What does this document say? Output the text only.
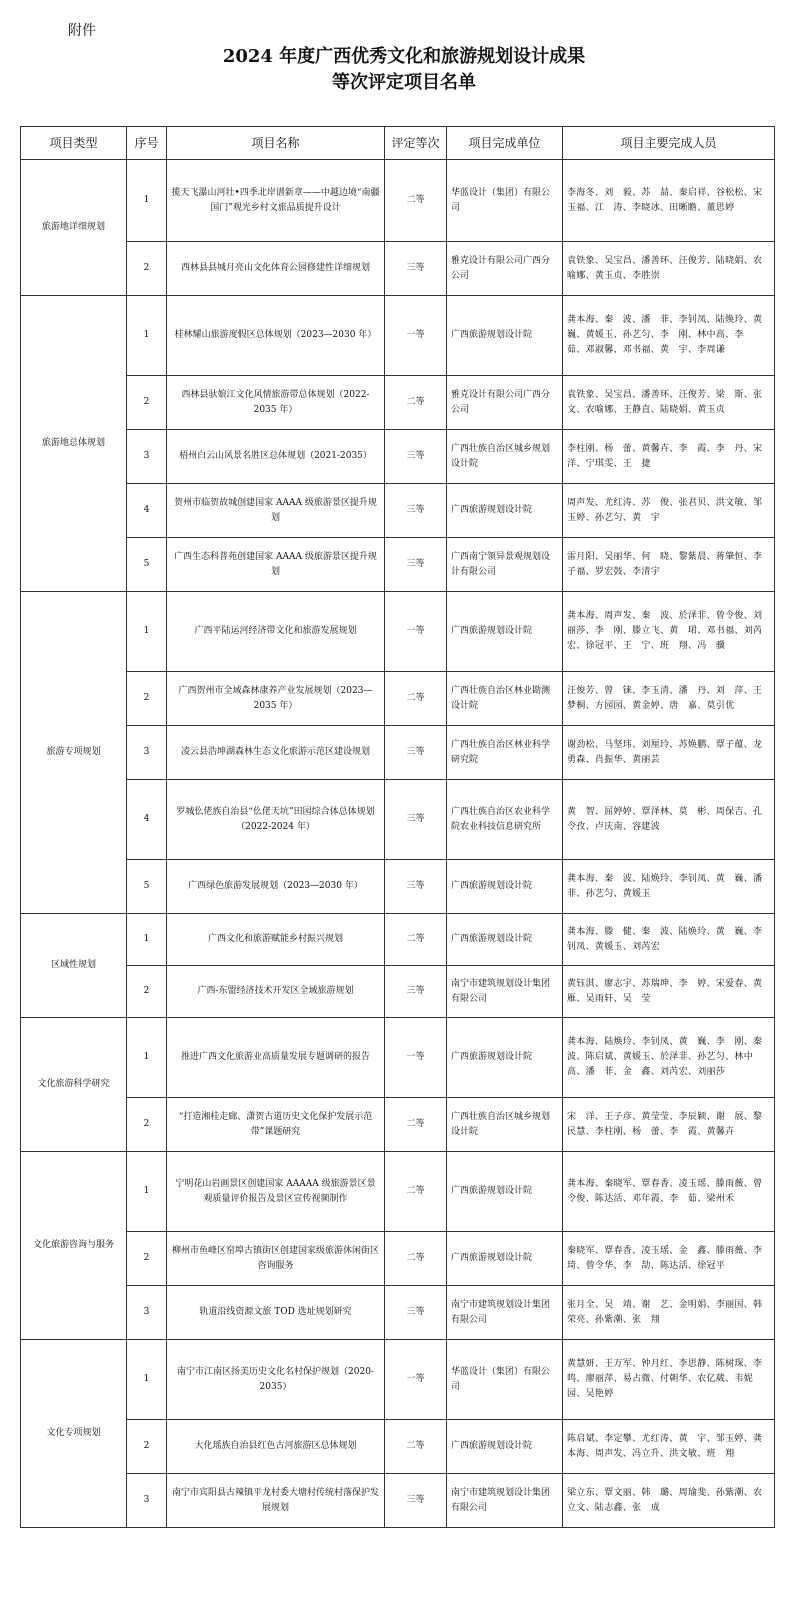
附件
2024 年度广西优秀文化和旅游规划设计成果
等次评定项目名单
项目类型	序号	项目名称	评定等次	项目完成单位	项目主要完成人员
旅游地详细规划	1	揽天飞瀑山河壮•四季北岸谱新章——中越边境“南疆国门”观光乡村文旅品质提升设计	二等	华蓝设计（集团）有限公司	李海冬、刘　毅、苏　喆、秦启祥、谷松松、宋玉福、江　涛、李晓冰、田晰瞻、董思婷
	2	西林县县城月亮山文化体育公园修建性详细规划	三等	雅克设计有限公司广西分公司	袁铁象、吴宝昌、潘善环、汪俊芳、陆晓娟、农喻娜、黄玉贞、李胜崇
旅游地总体规划	1	桂林耀山旅游度假区总体规划（2023—2030 年）	一等	广西旅游规划设计院	龚本海、秦　波、潘　菲、李钊凤、陆焕玲、黄　巍、黄媛玉、孙艺匀、李　刚、林中高、李　茹、邓淑馨、邓书福、黄　宇、李周谦
	2	西林县驮娘江文化风情旅游带总体规划（2022-2035 年）	二等	雅克设计有限公司广西分公司	袁铁象、吴宝昌、潘善环、汪俊芳、梁　斯、张　文、农喻娜、王静直、陆晓娟、黄玉贞
	3	梧州白云山风景名胜区总体规划（2021-2035）	三等	广西壮族自治区城乡规划设计院	李柱刚、杨　蕾、黄馨卉、李　霞、李　丹、宋　洋、宁琪雯、王　捷
	4	贺州市临贺故城创建国家 AAAA 级旅游景区提升规划	三等	广西旅游规划设计院	周声发、尤红涛、苏　俊、张君贝、洪文敏、邹玉婷、孙艺匀、黄　宇
	5	广西生态科普苑创建国家 AAAA 级旅游景区提升规划	三等	广西南宁领异景观规划设计有限公司	雷月阳、吴丽华、何　晓、黎紫晨、蒋肇恒、李子福、罗宏鼓、李清宇
旅游专项规划	1	广西平陆运河经济带文化和旅游发展规划	一等	广西旅游规划设计院	龚本海、周声发、秦　波、於泽非、曾令俊、刘丽莎、李　刚、滕立飞、黄　珺、邓书福、刘芮宏、徐冠平、王　宁、班　翔、冯　骥
	2	广西贺州市全域森林康养产业发展规划（2023—2035 年）	二等	广西壮族自治区林业勘测设计院	汪俊芳、曾　铼、李玉清、潘　丹、刘　萍、王梦桐、方园园、黄金婷、唐　嘉、莫引优
	3	凌云县浩坤湖森林生态文化旅游示范区建设规划	三等	广西壮族自治区林业科学研究院	谢劲松、马坚玮、刘厘玲、苏焕鹏、覃子蕴、龙勇森、肖振华、黄丽芸
	4	罗城仫佬族自治县“仫佬天坑”田园综合体总体规划（2022-2024 年）	三等	广西壮族自治区农业科学院农业科技信息研究所	黄　智、屈婷婷、覃泽林、莫　彬、周保吉、孔令孜、卢庆南、容建波
	5	广西绿色旅游发展规划（2023—2030 年）	三等	广西旅游规划设计院	龚本海、秦　波、陆焕玲、李钊凤、黄　巍、潘　菲、孙艺匀、黄媛玉
区域性规划	1	广西文化和旅游赋能乡村振兴规划	二等	广西旅游规划设计院	龚本海、滕　健、秦　波、陆焕玲、黄　巍、李钊凤、黄媛玉、刘芮宏
	2	广西-东盟经济技术开发区全域旅游规划	三等	南宁市建筑规划设计集团有限公司	黄钰淇、廖志宇、苏瑞坤、李　婷、宋爱春、黄　雁、吴雨轩、吴　莹
文化旅游科学研究	1	推进广西文化旅游业高质量发展专题调研的报告	一等	广西旅游规划设计院	龚本海、陆焕玲、李钊凤、黄　巍、李　刚、秦　波、陈启斌、黄媛玉、於泽非、孙艺匀、林中高、潘　菲、金　鑫、刘芮宏、刘丽莎
	2	“打造湘桂走廊、潇贺古道历史文化保护发展示范带”课题研究	二等	广西壮族自治区城乡规划设计院	宋　洋、王子彦、黄莹莹、李辰颖、谢　展、黎民慧、李柱刚、杨　蕾、李　霞、黄馨卉
文化旅游咨询与服务	1	宁明花山岩画景区创建国家 AAAAA 级旅游景区景观质量评价报告及景区宣传视频制作	二等	广西旅游规划设计院	龚本海、秦晓军、覃春香、凌玉瑶、滕雨薇、曾令俊、陈达活、邓年霞、李　茹、梁州禾
	2	柳州市鱼峰区窑埠古镇街区创建国家级旅游休闲街区咨询服务	二等	广西旅游规划设计院	秦晓军、覃春香、凌玉瑶、金　鑫、滕雨薇、李　琦、曾令华、李　劼、陈达活、徐冠平
	3	轨道沿线资源文旅 TOD 选址规划研究	三等	南宁市建筑规划设计集团有限公司	张月全、吴　靖、谢　艺、金明娟、李丽国、韩荣亮、孙紫潮、张　翔
文化专项规划	1	南宁市江南区扬美历史文化名村保护规划（2020-2035）	一等	华蓝设计（集团）有限公司	黄慧妍、王万军、钟月红、李思静、陈树琛、李　鸣、廖丽萍、易占微、付朝华、农亿葳、韦妮园、吴艳婷
	2	大化瑶族自治县红色古河旅游区总体规划	二等	广西旅游规划设计院	陈启斌、李定攀、尤红涛、黄　宇、邹玉婷、龚本海、周声发、冯立升、洪文敏、班　翔
	3	南宁市宾阳县古辣镇平龙村委大塘村传统村落保护发展规划	三等	南宁市建筑规划设计集团有限公司	梁立东、覃文丽、韩　璐、周瑜斐、孙紫潮、农立文、陆志鑫、张　成
